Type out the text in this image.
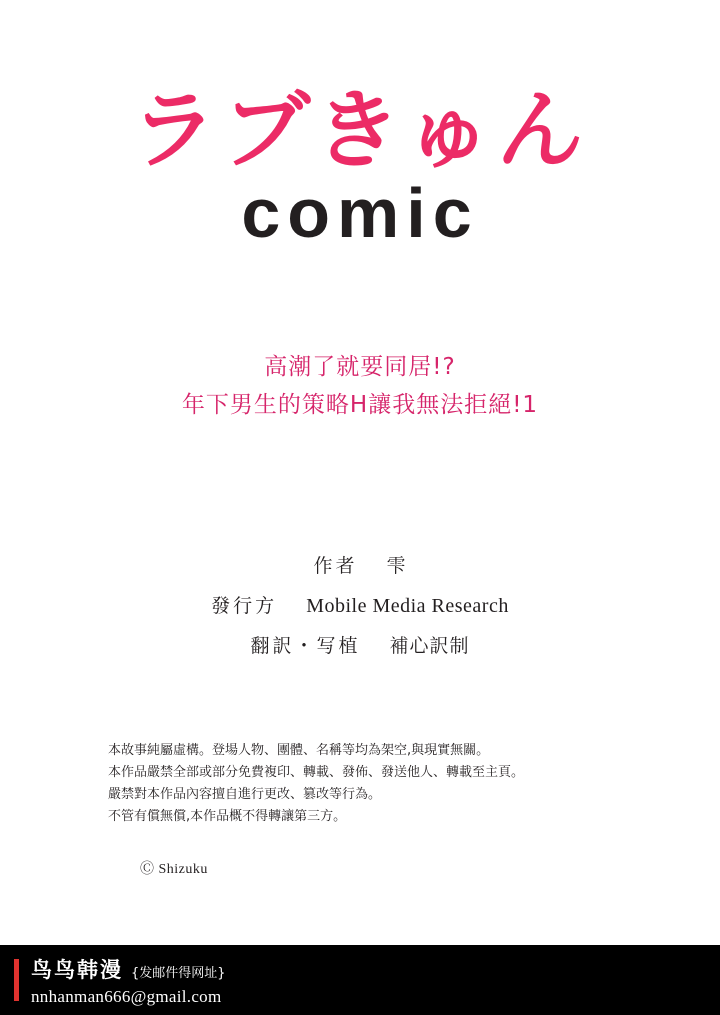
ラブきゅん
comic
高潮了就要同居!?
年下男生的策略H讓我無法拒絕!1
作者 雫
發行方 Mobile Media Research
翻訳・写植 補心訳制
本故事純屬虛構。登場人物、團體、名稱等均為架空,與現實無關。
本作品嚴禁全部或部分免費複印、轉載、發佈、發送他人、轉載至主頁。
嚴禁對本作品內容擅自進行更改、篡改等行為。
不管有償無償,本作品概不得轉讓第三方。
Ⓒ Shizuku
鸟鸟韩漫 {发邮件得网址}
nnhanman666@gmail.com
